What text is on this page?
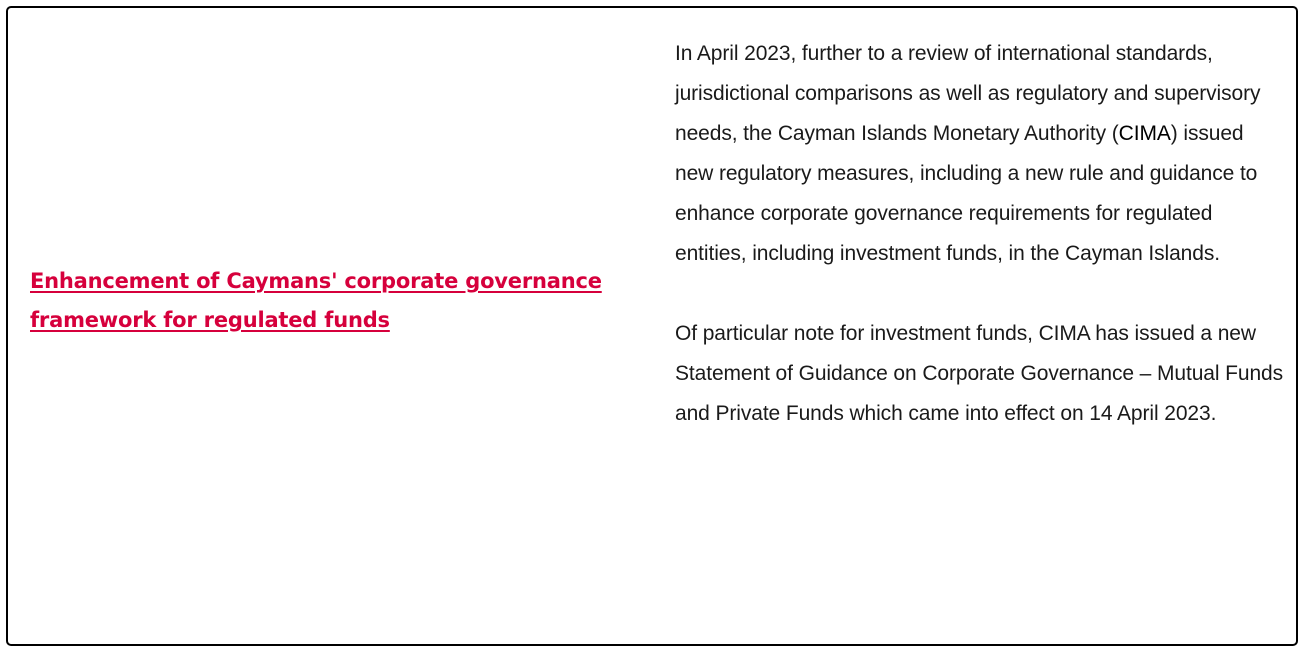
Enhancement of Caymans' corporate governance framework for regulated funds

In April 2023, further to a review of international standards, jurisdictional comparisons as well as regulatory and supervisory needs, the Cayman Islands Monetary Authority (CIMA) issued new regulatory measures, including a new rule and guidance to enhance corporate governance requirements for regulated entities, including investment funds, in the Cayman Islands.

Of particular note for investment funds, CIMA has issued a new Statement of Guidance on Corporate Governance – Mutual Funds and Private Funds which came into effect on 14 April 2023.
